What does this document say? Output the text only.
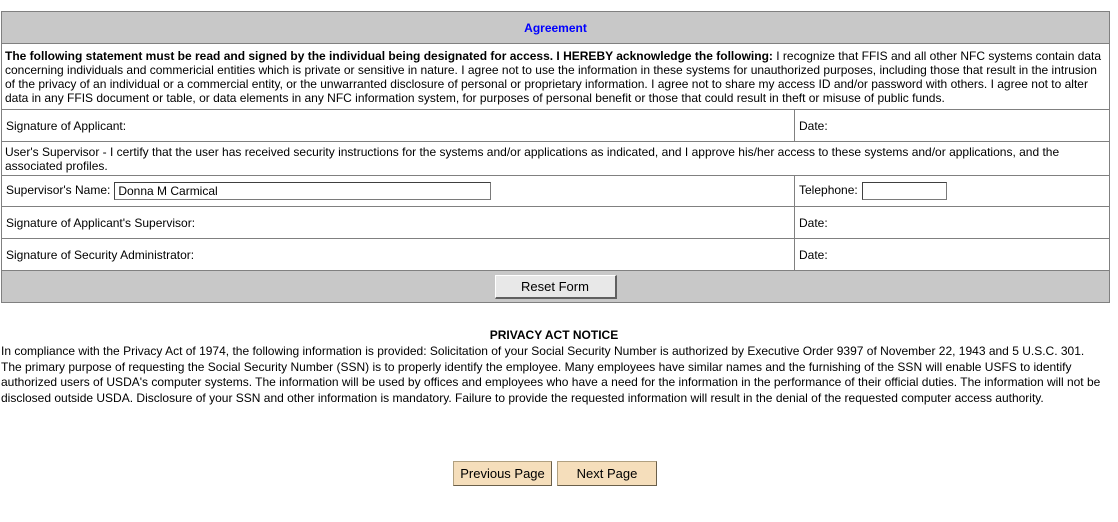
Agreement	
The following statement must be read and signed by the individual being designated for access. I HEREBY acknowledge the following: I recognize that FFIS and all other NFC systems contain data concerning individuals and commericial entities which is private or sensitive in nature. I agree not to use the information in these systems for unauthorized purposes, including those that result in the intrusion of the privacy of an individual or a commercial entity, or the unwarranted disclosure of personal or proprietary information. I agree not to share my access ID and/or password with others. I agree not to alter data in any FFIS document or table, or data elements in any NFC information system, for purposes of personal benefit or those that could result in theft or misuse of public funds.	
Signature of Applicant:	Date:
User's Supervisor - I certify that the user has received security instructions for the systems and/or applications as indicated, and I approve his/her access to these systems and/or applications, and the associated profiles.	
Supervisor's Name:Donna M Carmical	Telephone:
Signature of Applicant's Supervisor:	Date:
Signature of Security Administrator:	Date:
Reset Form	
PRIVACY ACT NOTICE
In compliance with the Privacy Act of 1974, the following information is provided: Solicitation of your Social Security Number is authorized by Executive Order 9397 of November 22, 1943 and 5 U.S.C. 301. The primary purpose of requesting the Social Security Number (SSN) is to properly identify the employee. Many employees have similar names and the furnishing of the SSN will enable USFS to identify authorized users of USDA's computer systems. The information will be used by offices and employees who have a need for the information in the performance of their official duties. The information will not be disclosed outside USDA. Disclosure of your SSN and other information is mandatory. Failure to provide the requested information will result in the denial of the requested computer access authority.
Previous Page	Next Page
